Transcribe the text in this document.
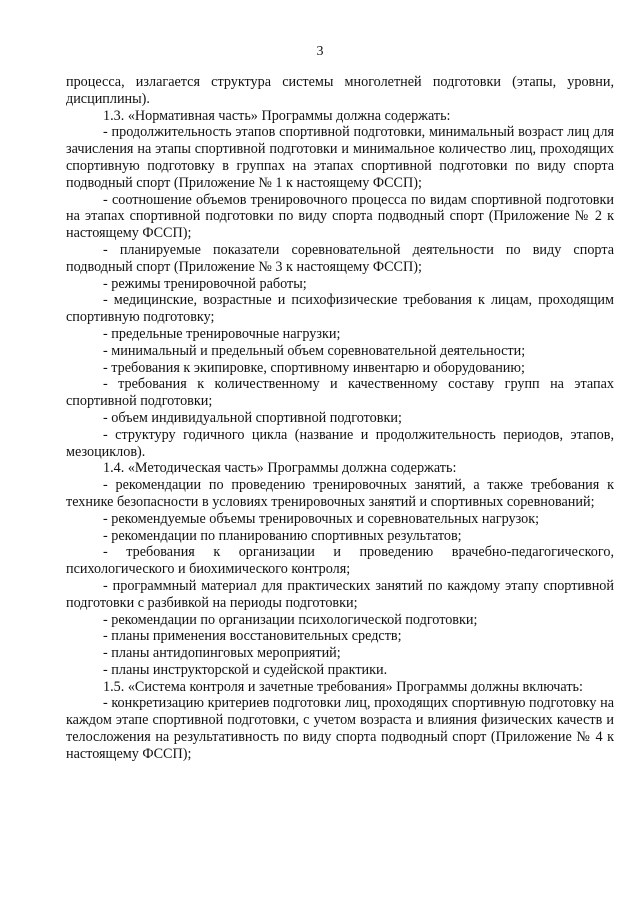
3

процесса, излагается структура системы многолетней подготовки (этапы, уровни, дисциплины).

1.3. «Нормативная часть» Программы должна содержать:

- продолжительность этапов спортивной подготовки, минимальный возраст лиц для зачисления на этапы спортивной подготовки и минимальное количество лиц, проходящих спортивную подготовку в группах на этапах спортивной подготовки по виду спорта подводный спорт (Приложение № 1 к настоящему ФССП);

- соотношение объемов тренировочного процесса по видам спортивной подготовки на этапах спортивной подготовки по виду спорта подводный спорт (Приложение № 2 к настоящему ФССП);

- планируемые показатели соревновательной деятельности по виду спорта подводный спорт (Приложение № 3 к настоящему ФССП);

- режимы тренировочной работы;

- медицинские, возрастные и психофизические требования к лицам, проходящим спортивную подготовку;

- предельные тренировочные нагрузки;

- минимальный и предельный объем соревновательной деятельности;

- требования к экипировке, спортивному инвентарю и оборудованию;

- требования к количественному и качественному составу групп на этапах спортивной подготовки;

- объем индивидуальной спортивной подготовки;

- структуру годичного цикла (название и продолжительность периодов, этапов, мезоциклов).

1.4. «Методическая часть» Программы должна содержать:

- рекомендации по проведению тренировочных занятий, а также требования к технике безопасности в условиях тренировочных занятий и спортивных соревнований;

- рекомендуемые объемы тренировочных и соревновательных нагрузок;

- рекомендации по планированию спортивных результатов;

- требования к организации и проведению врачебно-педагогического, психологического и биохимического контроля;

- программный материал для практических занятий по каждому этапу спортивной подготовки с разбивкой на периоды подготовки;

- рекомендации по организации психологической подготовки;

- планы применения восстановительных средств;

- планы антидопинговых мероприятий;

- планы инструкторской и судейской практики.

1.5. «Система контроля и зачетные требования» Программы должны включать:

- конкретизацию критериев подготовки лиц, проходящих спортивную подготовку на каждом этапе спортивной подготовки, с учетом возраста и влияния физических качеств и телосложения на результативность по виду спорта подводный спорт (Приложение № 4 к настоящему ФССП);
